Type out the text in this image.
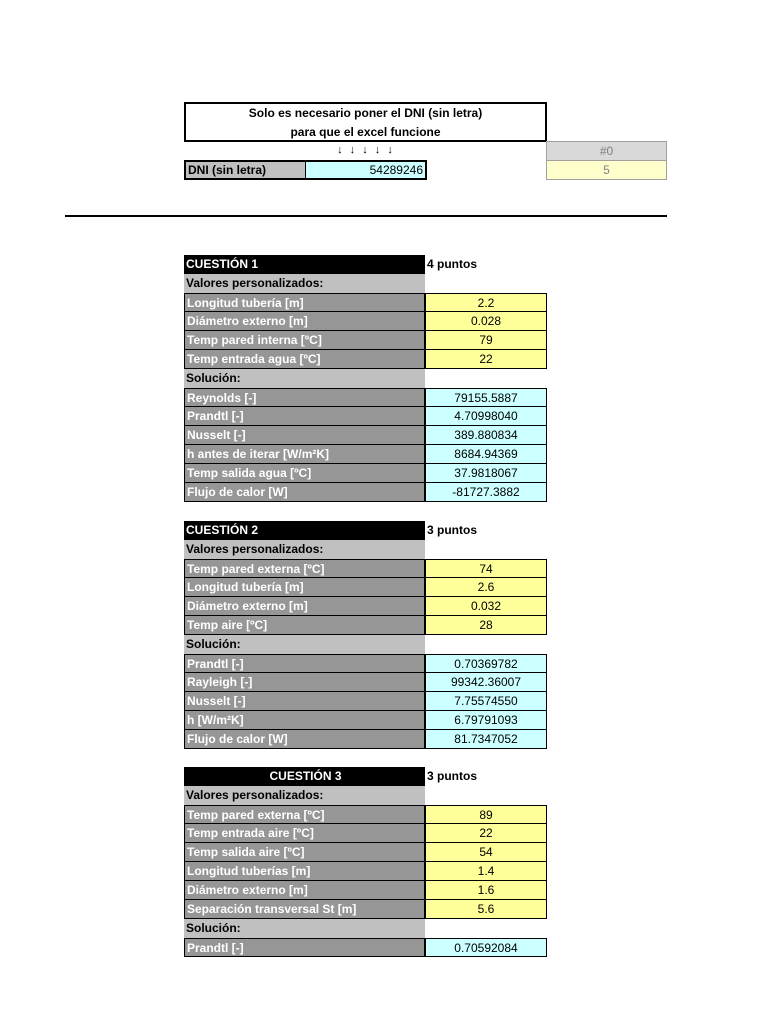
Solo es necesario poner el DNI (sin letra)
para que el excel funcione
↓ ↓ ↓ ↓ ↓
DNI (sin letra)	54289246
#0
5
CUESTIÓN 1	4 puntos
Valores personalizados:
Longitud tubería [m]	2.2
Diámetro externo [m]	0.028
Temp pared interna [ºC]	79
Temp entrada agua [ºC]	22
Solución:
Reynolds [-]	79155.5887
Prandtl [-]	4.70998040
Nusselt [-]	389.880834
h antes de iterar [W/m²K]	8684.94369
Temp salida agua [ºC]	37.9818067
Flujo de calor [W]	-81727.3882
CUESTIÓN 2	3 puntos
Valores personalizados:
Temp pared externa [ºC]	74
Longitud tubería [m]	2.6
Diámetro externo [m]	0.032
Temp aire [ºC]	28
Solución:
Prandtl [-]	0.70369782
Rayleigh [-]	99342.36007
Nusselt [-]	7.75574550
h [W/m²K]	6.79791093
Flujo de calor [W]	81.7347052
CUESTIÓN 3	3 puntos
Valores personalizados:
Temp pared externa [ºC]	89
Temp entrada aire [ºC]	22
Temp salida aire [ºC]	54
Longitud tuberías [m]	1.4
Diámetro externo [m]	1.6
Separación transversal St [m]	5.6
Solución:
Prandtl [-]	0.70592084
